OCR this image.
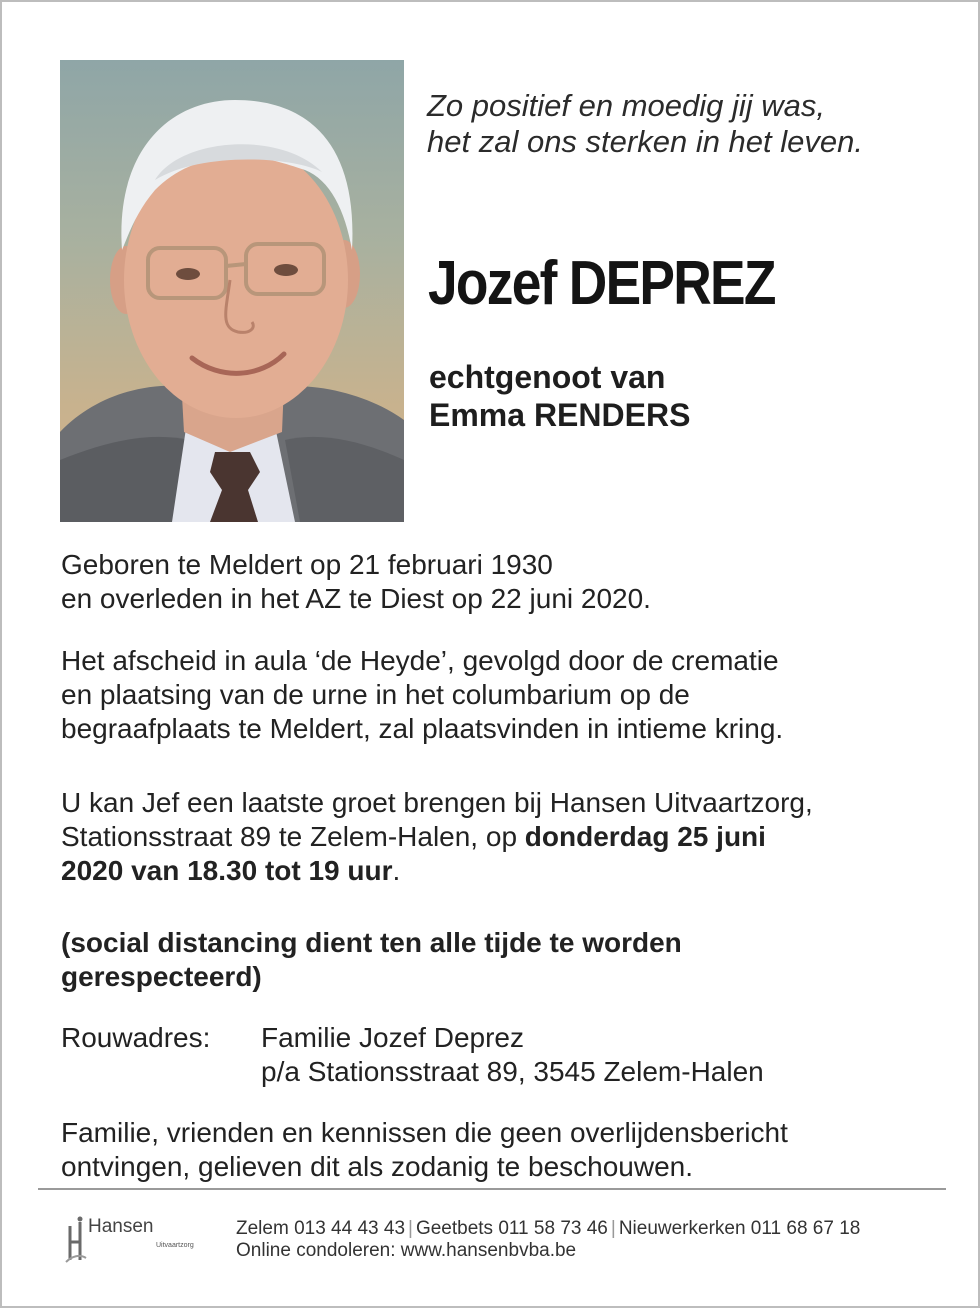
Zo positief en moedig jij was,
het zal ons sterken in het leven.
Jozef DEPREZ
echtgenoot van
Emma RENDERS
Geboren te Meldert op 21 februari 1930
en overleden in het AZ te Diest op 22 juni 2020.
Het afscheid in aula ‘de Heyde’, gevolgd door de crematie
en plaatsing van de urne in het columbarium op de
begraafplaats te Meldert, zal plaatsvinden in intieme kring.
U kan Jef een laatste groet brengen bij Hansen Uitvaartzorg,
Stationsstraat 89 te Zelem-Halen, op donderdag 25 juni
2020 van 18.30 tot 19 uur.
(social distancing dient ten alle tijde te worden
gerespecteerd)
Rouwadres: Familie Jozef Deprez
p/a Stationsstraat 89, 3545 Zelem-Halen
Familie, vrienden en kennissen die geen overlijdensbericht
ontvingen, gelieven dit als zodanig te beschouwen.
Hansen
Uitvaartzorg
Zelem 013 44 43 43 | Geetbets 011 58 73 46 | Nieuwerkerken 011 68 67 18
Online condoleren: www.hansenbvba.be
